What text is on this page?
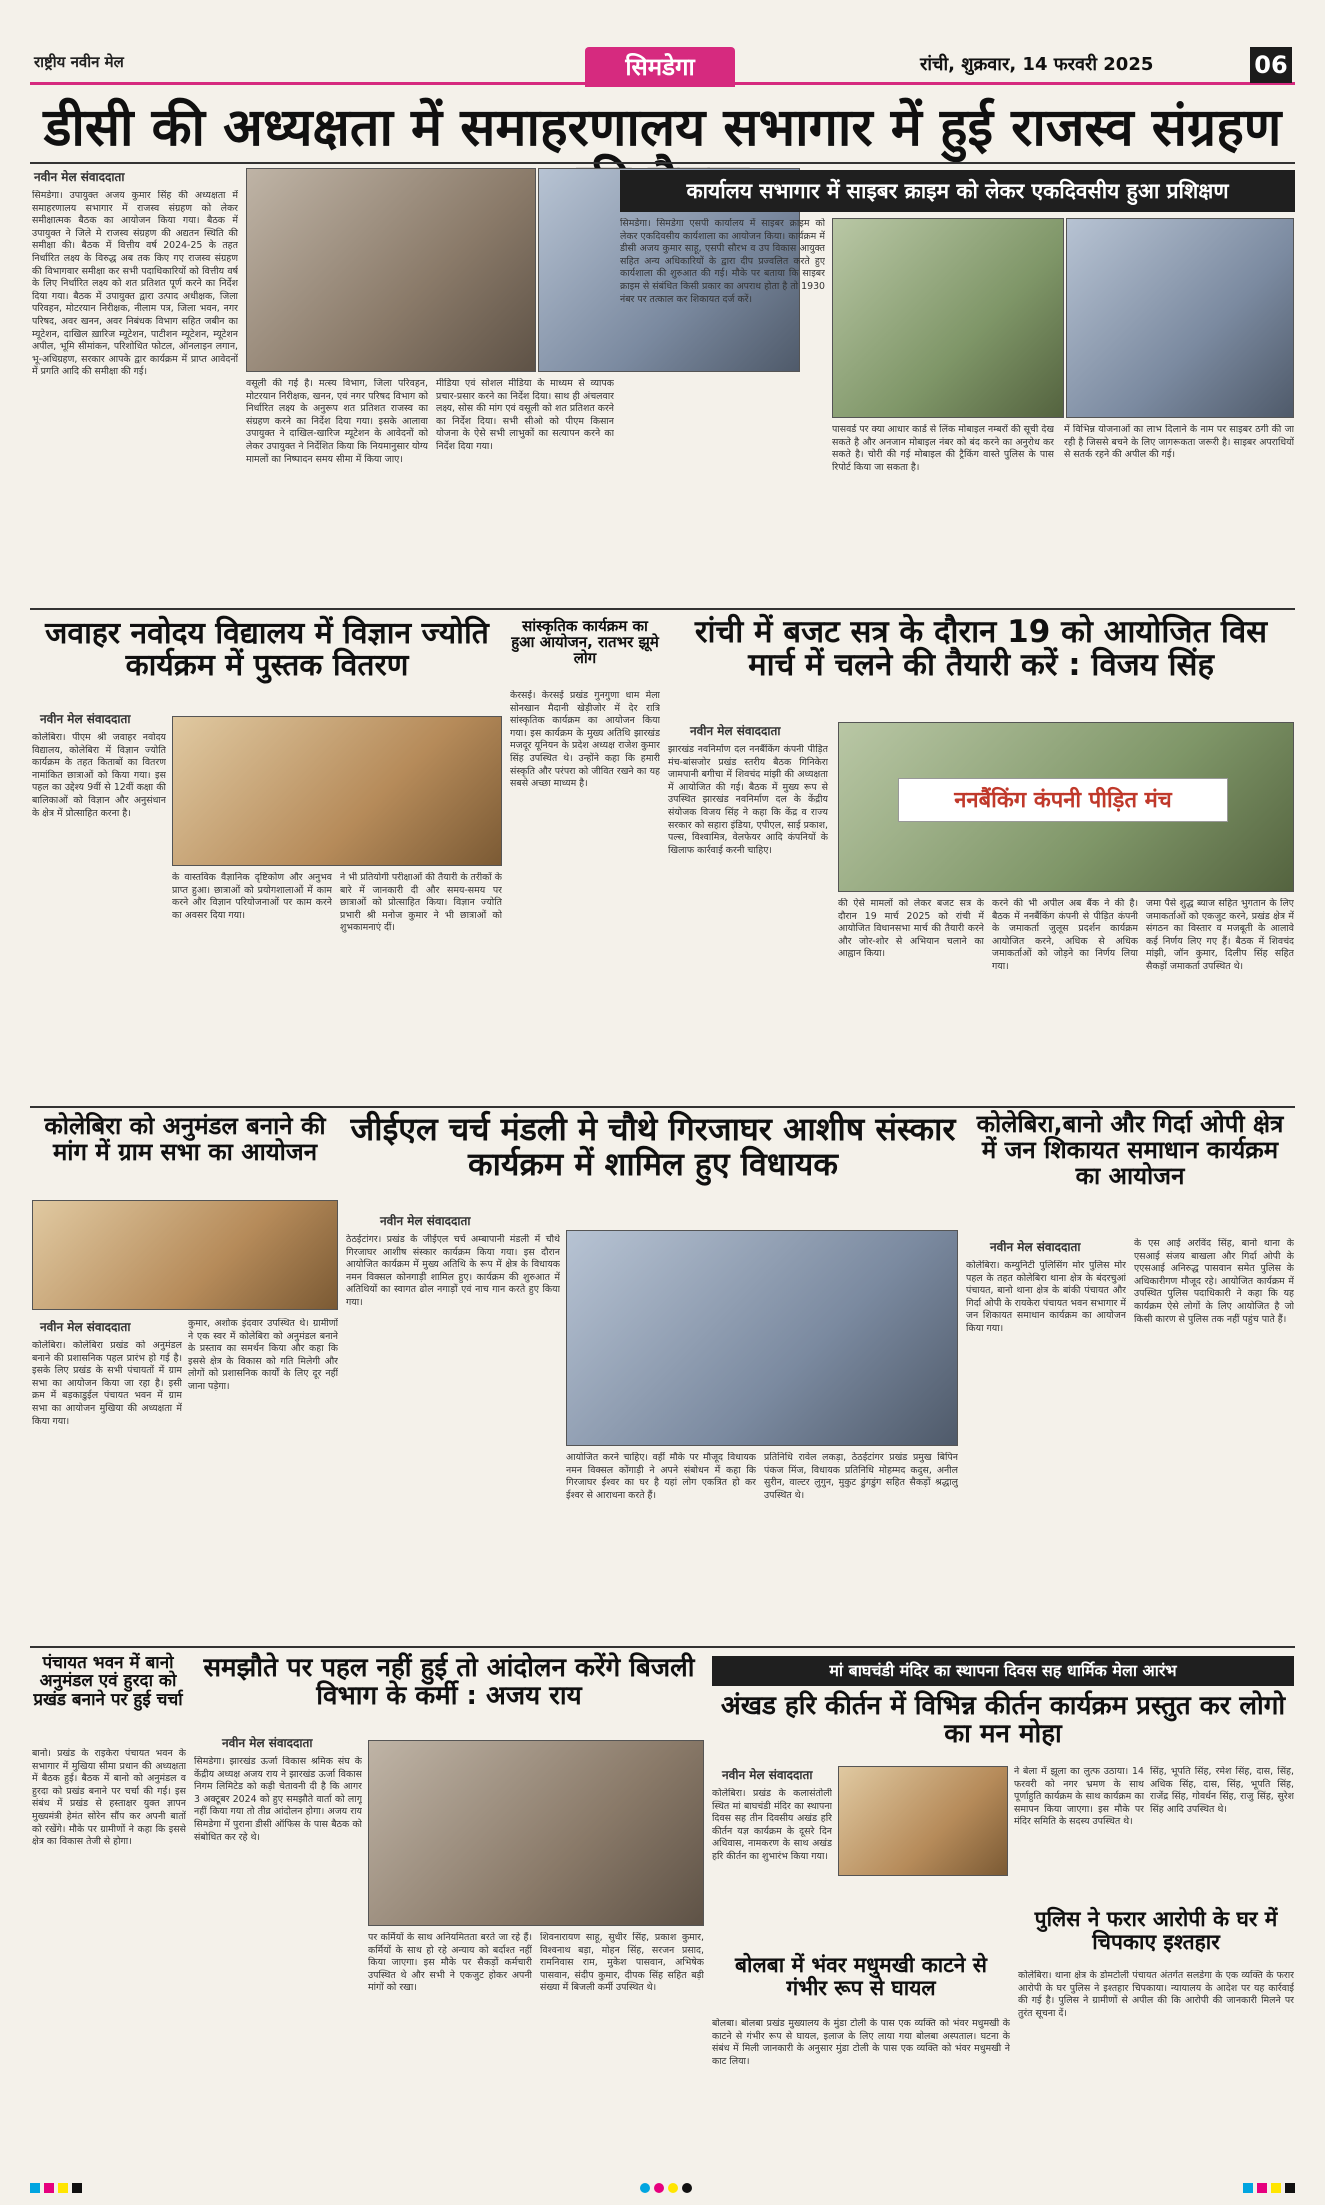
राष्ट्रीय नवीन मेल	सिमडेगा	रांची, शुक्रवार, 14 फरवरी 2025	06
डीसी की अध्यक्षता में समाहरणालय सभागार में हुई राजस्व संग्रहण
नवीन मेल संवाददाता
सिमडेगा। उपायुक्त अजय कुमार सिंह की अध्यक्षता में समाहरणालय सभागार में राजस्व संग्रहण को लेकर समीक्षात्मक बैठक का आयोजन किया गया। बैठक में उपायुक्त ने जिले मे राजस्व संग्रहण की अद्यतन स्थिति की समीक्षा की। बैठक में वित्तीय वर्ष 2024-25 के तहत निर्धारित लक्ष्य के विरुद्ध अब तक किए गए राजस्व संग्रहण की विभागवार समीक्षा कर सभी पदाधिकारियों को वित्तीय वर्ष के लिए निर्धारित लक्ष्य को शत प्रतिशत पूर्ण करने का निर्देश दिया गया। बैठक में उपायुक्त द्वारा उत्पाद अधीक्षक, जिला परिवहन, मोटरयान निरीक्षक, नीलाम पत्र, जिला भवन, नगर परिषद, अवर खनन, अवर निबंधक विभाग सहित जबीन का म्यूटेशन, दाखिल ख़ारिज म्यूटेशन, पाटीशन म्यूटेशन, म्यूटेशन अपील, भूमि सीमांकन, परिशोधित फोटल, ऑनलाइन लगान, भू-अधिग्रहण, सरकार आपके द्वार कार्यक्रम में प्राप्त आवेदनों में प्रगति आदि की समीक्षा की गई।
वसूली की गई है। मत्स्य विभाग, जिला परिवहन, मोटरयान निरीक्षक, खनन, एवं नगर परिषद विभाग को निर्धारित लक्ष्य के अनुरूप शत प्रतिशत राजस्व का संग्रहण करने का निर्देश दिया गया। इसके आलावा उपायुक्त ने दाखिल-खारिज म्यूटेशन के आवेदनों को लेकर उपायुक्त ने निर्देशित किया कि नियमानुसार योग्य मामलों का निष्पादन समय सीमा में किया जाए।
मीडिया एवं सोशल मीडिया के माध्यम से व्यापक प्रचार-प्रसार करने का निर्देश दिया। साथ ही अंचलवार लक्ष्य, सोस की मांग एवं वसूली को शत प्रतिशत करने का निर्देश दिया। सभी सीओ को पीएम किसान योजना के ऐसे सभी लाभुकों का सत्यापन करने का निर्देश दिया गया।
कार्यालय सभागार में साइबर क्राइम को लेकर एकदिवसीय हुआ प्रशिक्षण
सिमडेगा। सिमडेगा एसपी कार्यालय में साइबर क्राइम को लेकर एकदिवसीय कार्यशाला का आयोजन किया। कार्यक्रम में डीसी अजय कुमार साहू, एसपी सौरभ व उप विकास आयुक्त सहित अन्य अधिकारियों के द्वारा दीप प्रज्वलित करते हुए कार्यशाला की शुरुआत की गई। मौके पर बताया कि साइबर क्राइम से संबंधित किसी प्रकार का अपराध होता है तो 1930 नंबर पर तत्काल कर शिकायत दर्ज करें।
पासवर्ड पर क्या आधार कार्ड से लिंक मोबाइल नम्बरों की सूची देख सकते है और अनजान मोबाइल नंबर को बंद करने का अनुरोध कर सकते है। चोरी की गई मोबाइल की ट्रैकिंग वास्ते पुलिस के पास रिपोर्ट किया जा सकता है।
में विभिन्न योजनाओं का लाभ दिलाने के नाम पर साइबर ठगी की जा रही है जिससे बचने के लिए जागरूकता जरूरी है। साइबर अपराधियों से सतर्क रहने की अपील की गई।
जवाहर नवोदय विद्यालय में विज्ञान ज्योति कार्यक्रम में पुस्तक वितरण
नवीन मेल संवाददाता
कोलेबिरा। पीएम श्री जवाहर नवोदय विद्यालय, कोलेबिरा में विज्ञान ज्योति कार्यक्रम के तहत किताबों का वितरण नामांकित छात्राओं को किया गया। इस पहल का उद्देश्य 9वीं से 12वीं कक्षा की बालिकाओं को विज्ञान और अनुसंधान के क्षेत्र में प्रोत्साहित करना है।
के वास्तविक वैज्ञानिक दृष्टिकोण और अनुभव प्राप्त हुआ। छात्राओं को प्रयोगशालाओं में काम करने और विज्ञान परियोजनाओं पर काम करने का अवसर दिया गया।
ने भी प्रतियोगी परीक्षाओं की तैयारी के तरीकों के बारे में जानकारी दी और समय-समय पर छात्राओं को प्रोत्साहित किया। विज्ञान ज्योति प्रभारी श्री मनोज कुमार ने भी छात्राओं को शुभकामनाएं दीं।
सांस्कृतिक कार्यक्रम का हुआ आयोजन, रातभर झूमे लोग
केरसई। केरसई प्रखंड गुनगुणा धाम मेला सोनखान मैदानी खेड़ीजोर में देर रात्रि सांस्कृतिक कार्यक्रम का आयोजन किया गया। इस कार्यक्रम के मुख्य अतिथि झारखंड मजदूर यूनियन के प्रदेश अध्यक्ष राजेश कुमार सिंह उपस्थित थे। उन्होंने कहा कि हमारी संस्कृति और परंपरा को जीवित रखने का यह सबसे अच्छा माध्यम है।
रांची में बजट सत्र के दौरान 19 को आयोजित विस मार्च में चलने की तैयारी करें : विजय सिंह
नवीन मेल संवाददाता
ननबैंकिंग कंपनी पीड़ित मंच
झारखंड नवनिर्माण दल ननबैंकिंग कंपनी पीड़ित मंच-बांसजोर प्रखंड स्तरीय बैठक गिनिकेरा जामपानी बगीचा में शिवचंद मांझी की अध्यक्षता में आयोजित की गई। बैठक में मुख्य रूप से उपस्थित झारखंड नवनिर्माण दल के केंद्रीय संयोजक विजय सिंह ने कहा कि केंद्र व राज्य सरकार को सहारा इंडिया, एपीएल, साई प्रकाश, पल्स, विश्वामित्र, वेलफेयर आदि कंपनियों के खिलाफ कार्रवाई करनी चाहिए।
की ऐसे मामलों को लेकर बजट सत्र के दौरान 19 मार्च 2025 को रांची में आयोजित विधानसभा मार्च की तैयारी करने और जोर-शोर से अभियान चलाने का आह्वान किया।
करने की भी अपील अब बैंक ने की है। बैठक में ननबैंकिंग कंपनी से पीड़ित कंपनी के जमाकर्ता जुलूस प्रदर्शन कार्यक्रम आयोजित करने, अधिक से अधिक जमाकर्ताओं को जोड़ने का निर्णय लिया गया।
जमा पैसे शुद्ध ब्याज सहित भुगतान के लिए जमाकर्ताओं को एकजुट करने, प्रखंड क्षेत्र में संगठन का विस्तार व मजबूती के आलावे कई निर्णय लिए गए हैं। बैठक में शिवचंद मांझी, जॉन कुमार, दिलीप सिंह सहित सैकड़ों जमाकर्ता उपस्थित थे।
कोलेबिरा को अनुमंडल बनाने की मांग में ग्राम सभा का आयोजन
नवीन मेल संवाददाता
कोलेबिरा। कोलेबिरा प्रखंड को अनुमंडल बनाने की प्रशासनिक पहल प्रारंभ हो गई है। इसके लिए प्रखंड के सभी पंचायतों में ग्राम सभा का आयोजन किया जा रहा है। इसी क्रम में बड़काडुईल पंचायत भवन में ग्राम सभा का आयोजन मुखिया की अध्यक्षता में किया गया।
कुमार, अशोक इंदवार उपस्थित थे। ग्रामीणों ने एक स्वर में कोलेबिरा को अनुमंडल बनाने के प्रस्ताव का समर्थन किया और कहा कि इससे क्षेत्र के विकास को गति मिलेगी और लोगों को प्रशासनिक कार्यों के लिए दूर नहीं जाना पड़ेगा।
जीईएल चर्च मंडली मे चौथे गिरजाघर आशीष संस्कार कार्यक्रम में शामिल हुए विधायक
नवीन मेल संवाददाता
ठेठईटांगर। प्रखंड के जीईएल चर्च अम्बापानी मंडली में चौथे गिरजाघर आशीष संस्कार कार्यक्रम किया गया। इस दौरान आयोजित कार्यक्रम में मुख्य अतिथि के रूप में क्षेत्र के विधायक नमन विक्सल कोनगाड़ी शामिल हुए। कार्यक्रम की शुरुआत में अतिथियों का स्वागत ढोल नगाड़ों एवं नाच गान करते हुए किया गया।
आयोजित करने चाहिए। वहीं मौके पर मौजूद विधायक नमन विक्सल कोंगाड़ी ने अपने संबोधन में कहा कि गिरजाघर ईश्वर का घर है यहां लोग एकत्रित हो कर ईश्वर से आराधना करते हैं।
प्रतिनिधि रावेल लकड़ा, ठेठईटांगर प्रखंड प्रमुख बिपिन पंकज मिंज, विधायक प्रतिनिधि मोहम्मद कदुस, अनील सुरीन, वाल्टर लुगुन, मुकुट डुंगडुंग सहित सैकड़ों श्रद्धालु उपस्थित थे।
कोलेबिरा,बानो और गिर्दा ओपी क्षेत्र में जन शिकायत समाधान कार्यक्रम का आयोजन
नवीन मेल संवाददाता
कोलेबिरा। कम्युनिटी पुलिसिंग मोर पुलिस मोर पहल के तहत कोलेबिरा थाना क्षेत्र के बंदरचुआं पंचायत, बानो थाना क्षेत्र के बांकी पंचायत और गिर्दा ओपी के रायकेरा पंचायत भवन सभागार में जन शिकायत समाधान कार्यक्रम का आयोजन किया गया।
के एस आई अरविंद सिंह, बानो थाना के एसआई संजय बाखला और गिर्दा ओपी के एएसआई अनिरुद्ध पासवान समेत पुलिस के अधिकारीगण मौजूद रहे। आयोजित कार्यक्रम में उपस्थित पुलिस पदाधिकारी ने कहा कि यह कार्यक्रम ऐसे लोगों के लिए आयोजित है जो किसी कारण से पुलिस तक नहीं पहुंच पाते हैं।
पंचायत भवन में बानो अनुमंडल एवं हुरदा को प्रखंड बनाने पर हुई चर्चा
बानो। प्रखंड के राइकेरा पंचायत भवन के सभागार में मुखिया सीमा प्रधान की अध्यक्षता में बैठक हुई। बैठक में बानो को अनुमंडल व हुरदा को प्रखंड बनाने पर चर्चा की गई। इस संबंध में प्रखंड से हस्ताक्षर युक्त ज्ञापन मुख्यमंत्री हेमंत सोरेन सौंप कर अपनी बातों को रखेंगे। मौके पर ग्रामीणों ने कहा कि इससे क्षेत्र का विकास तेजी से होगा।
समझौते पर पहल नहीं हुई तो आंदोलन करेंगे बिजली विभाग के कर्मी : अजय राय
नवीन मेल संवाददाता
सिमडेगा। झारखंड ऊर्जा विकास श्रमिक संघ के केंद्रीय अध्यक्ष अजय राय ने झारखंड ऊर्जा विकास निगम लिमिटेड को कड़ी चेतावनी दी है कि आगर 3 अक्टूबर 2024 को हुए समझौते वार्ता को लागू नहीं किया गया तो तीव्र आंदोलन होगा। अजय राय सिमडेगा में पुराना डीसी ऑफिस के पास बैठक को संबोधित कर रहे थे।
पर कर्मियों के साथ अनियमितता बरते जा रहे हैं। कर्मियों के साथ हो रहे अन्याय को बर्दाश्त नहीं किया जाएगा। इस मौके पर सैकड़ों कर्मचारी उपस्थित थे और सभी ने एकजुट होकर अपनी मांगों को रखा।
शिवनारायण साहू, सुधीर सिंह, प्रकाश कुमार, विश्वनाथ बड़ा, मोहन सिंह, सरजन प्रसाद, रामनिवास राम, मुकेश पासवान, अभिषेक पासवान, संदीप कुमार, दीपक सिंह सहित बड़ी संख्या में बिजली कर्मी उपस्थित थे।
मां बाघचंडी मंदिर का स्थापना दिवस सह धार्मिक मेला आरंभ
अंखड हरि कीर्तन में विभिन्न कीर्तन कार्यक्रम प्रस्तुत कर लोगो का मन मोहा
नवीन मेल संवाददाता
कोलेबिरा। प्रखंड के कलासंतोली स्थित मां बाघचंडी मंदिर का स्थापना दिवस सह तीन दिवसीय अखंड हरि कीर्तन यज्ञ कार्यक्रम के दूसरे दिन अधिवास, नामकरण के साथ अखंड हरि कीर्तन का शुभारंभ किया गया।
ने बेला में झूला का लुत्फ उठाया। 14 फरवरी को नगर भ्रमण के साथ पूर्णाहुति कार्यक्रम के साथ कार्यक्रम का समापन किया जाएगा। इस मौके पर मंदिर समिति के सदस्य उपस्थित थे।
सिंह, भूपति सिंह, रमेश सिंह, दास, सिंह, अधिक सिंह, दास, सिंह, भूपति सिंह, राजेंद्र सिंह, गोवर्धन सिंह, राजु सिंह, सुरेश सिंह आदि उपस्थित थे।
बोलबा में भंवर मधुमखी काटने से गंभीर रूप से घायल
बोलबा। बोलबा प्रखंड मुख्यालय के मुंडा टोली के पास एक व्यक्ति को भंवर मधुमखी के काटने से गंभीर रूप से घायल, इलाज के लिए लाया गया बोलबा अस्पताल। घटना के संबंध में मिली जानकारी के अनुसार मुंडा टोली के पास एक व्यक्ति को भंवर मधुमखी ने काट लिया।
पुलिस ने फरार आरोपी के घर में चिपकाए इश्तहार
कोलेबिरा। थाना क्षेत्र के डोमटोली पंचायत अंतर्गत सलडेगा के एक व्यक्ति के फरार आरोपी के घर पुलिस ने इश्तहार चिपकाया। न्यायालय के आदेश पर यह कार्रवाई की गई है। पुलिस ने ग्रामीणों से अपील की कि आरोपी की जानकारी मिलने पर तुरंत सूचना दें।
